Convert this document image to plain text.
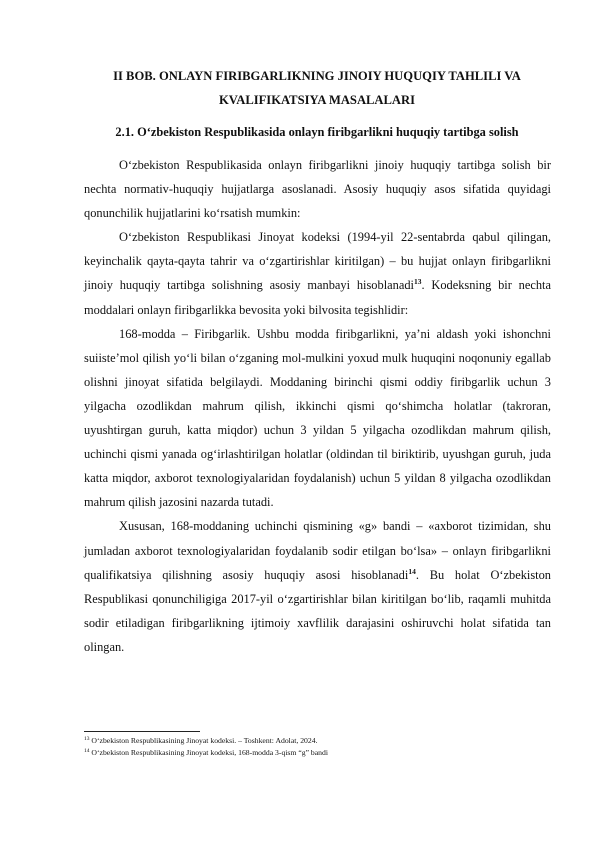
II BOB. ONLAYN FIRIBGARLIKNING JINOIY HUQUQIY TAHLILI VA KVALIFIKATSIYA MASALALARI
2.1. O‘zbekiston Respublikasida onlayn firibgarlikni huquqiy tartibga solish

O‘zbekiston Respublikasida onlayn firibgarlikni jinoiy huquqiy tartibga solish bir nechta normativ-huquqiy hujjatlarga asoslanadi. Asosiy huquqiy asos sifatida quyidagi qonunchilik hujjatlarini ko‘rsatish mumkin:

O‘zbekiston Respublikasi Jinoyat kodeksi (1994-yil 22-sentabrda qabul qilingan, keyinchalik qayta-qayta tahrir va o‘zgartirishlar kiritilgan) – bu hujjat onlayn firibgarlikni jinoiy huquqiy tartibga solishning asosiy manbayi hisoblanadi$^{13}$. Kodeksning bir nechta moddalari onlayn firibgarlikka bevosita yoki bilvosita tegishlidir:

168-modda – Firibgarlik. Ushbu modda firibgarlikni, ya’ni aldash yoki ishonchni suiiste’mol qilish yo‘li bilan o‘zganing mol-mulkini yoxud mulk huquqini noqonuniy egallab olishni jinoyat sifatida belgilaydi. Moddaning birinchi qismi oddiy firibgarlik uchun 3 yilgacha ozodlikdan mahrum qilish, ikkinchi qismi qo‘shimcha holatlar (takroran, uyushtirgan guruh, katta miqdor) uchun 3 yildan 5 yilgacha ozodlikdan mahrum qilish, uchinchi qismi yanada og‘irlashtirilgan holatlar (oldindan til biriktirib, uyushgan guruh, juda katta miqdor, axborot texnologiyalaridan foydalanish) uchun 5 yildan 8 yilgacha ozodlikdan mahrum qilish jazosini nazarda tutadi.

Xususan, 168-moddaning uchinchi qismining «g» bandi – «axborot tizimidan, shu jumladan axborot texnologiyalaridan foydalanib sodir etilgan bo‘lsa» – onlayn firibgarlikni qualifikatsiya qilishning asosiy huquqiy asosi hisoblanadi$^{14}$. Bu holat O‘zbekiston Respublikasi qonunchiligiga 2017-yil o‘zgartirishlar bilan kiritilgan bo‘lib, raqamli muhitda sodir etiladigan firibgarlikning ijtimoiy xavflilik darajasini oshiruvchi holat sifatida tan olingan.

$^{13}$ O‘zbekiston Respublikasining Jinoyat kodeksi. – Toshkent: Adolat, 2024.
$^{14}$ O‘zbekiston Respublikasining Jinoyat kodeksi, 168-modda 3-qism “g” bandi
